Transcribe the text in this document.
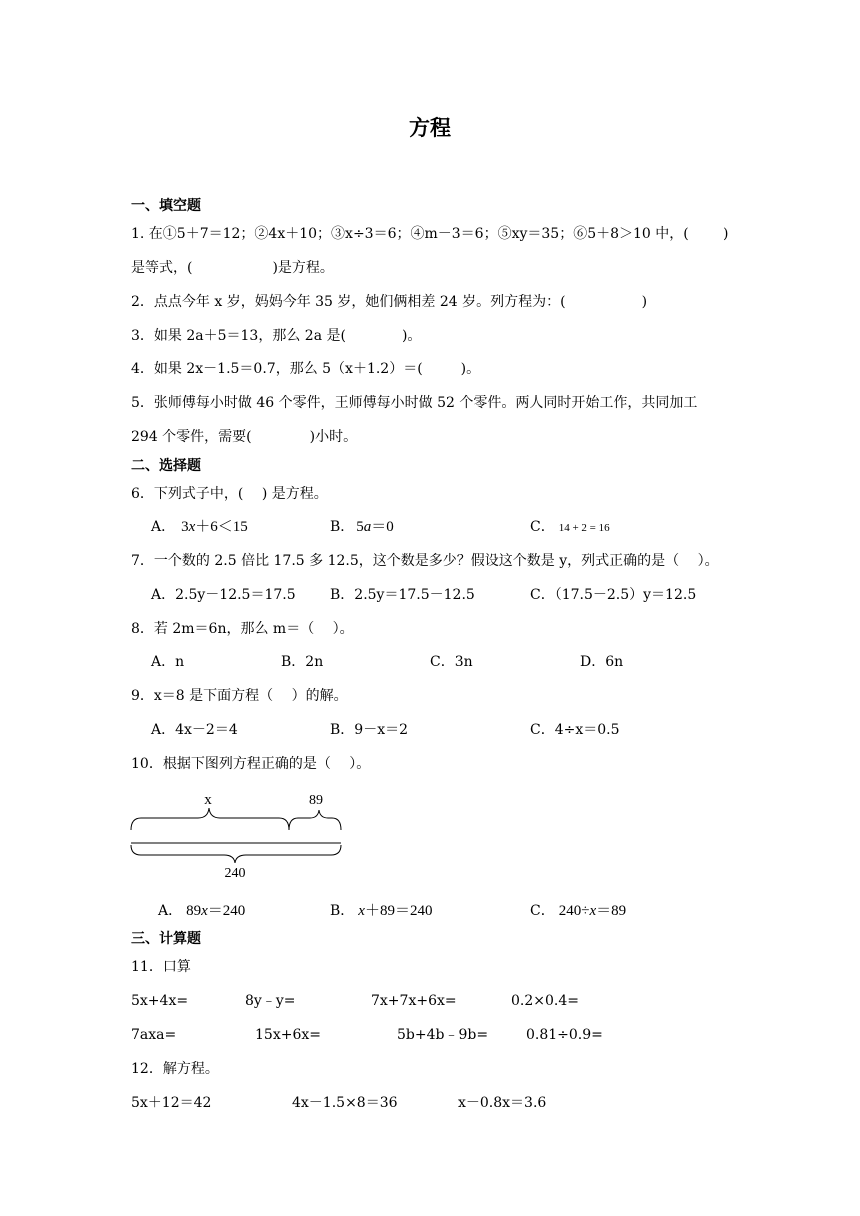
方程
一、填空题
1. 在①5＋7＝12；②4x＋10；③x÷3＝6；④m－3＝6；⑤xy＝35；⑥5＋8＞10 中，( )
是等式，(	)是方程。
2．点点今年 x 岁，妈妈今年 35 岁，她们俩相差 24 岁。列方程为：(	)
3．如果 2a＋5＝13，那么 2a 是(	)。
4．如果 2x－1.5＝0.7，那么 5（x＋1.2）＝(	)。
5．张师傅每小时做 46 个零件，王师傅每小时做 52 个零件。两人同时开始工作，共同加工
294 个零件，需要(	)小时。
二、选择题
6．下列式子中，(　 ) 是方程。
A． 3x＋6＜15	B． 5a＝0	C． 14 + 2 = 16
7．一个数的 2.5 倍比 17.5 多 12.5，这个数是多少？假设这个数是 y，列式正确的是（　 ）。
A．2.5y－12.5＝17.5 B．2.5y＝17.5－12.5	C．（17.5－2.5）y＝12.5
8．若 2m＝6n，那么 m＝（　 ）。
A．n	B．2n	C．3n	D．6n
9．x＝8 是下面方程（　 ）的解。
A．4x－2＝4	B．9－x＝2	C．4÷x＝0.5
10．根据下图列方程正确的是（　 ）。
x	89
240
A． 89x＝240	B． x＋89＝240	C． 240÷x＝89
三、计算题
11．口算
5x+4x=	8y﹣y=	7x+7x+6x=	0.2×0.4=
7axa=	15x+6x=	5b+4b﹣9b=	0.81÷0.9=
12．解方程。
5x＋12＝42	4x－1.5×8＝36	x－0.8x＝3.6
